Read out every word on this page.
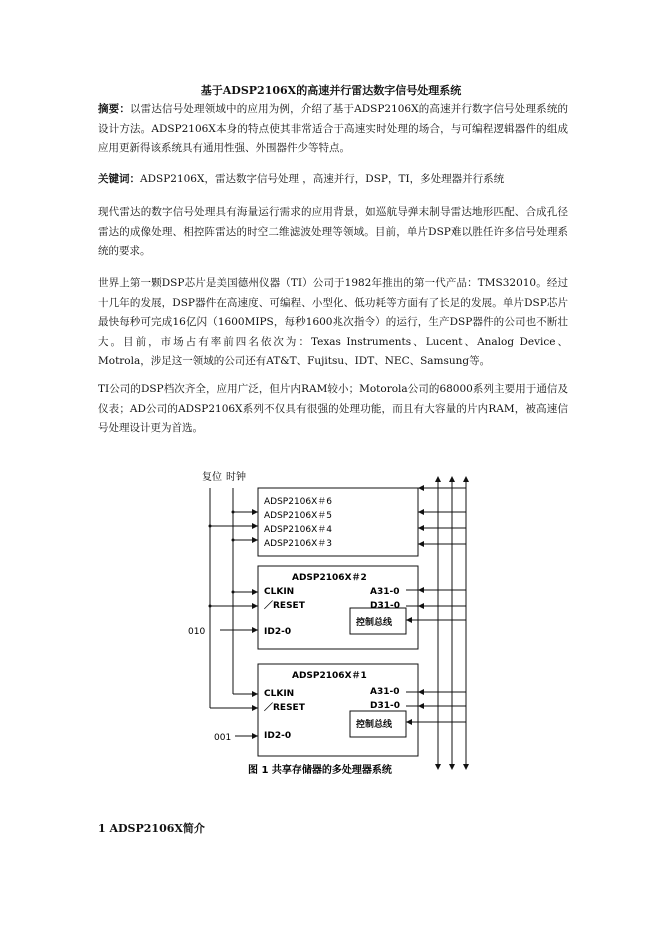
基于ADSP2106X的高速并行雷达数字信号处理系统
摘要：以雷达信号处理领域中的应用为例，介绍了基于ADSP2106X的高速并行数字信号处理系统的设计方法。ADSP2106X本身的特点使其非常适合于高速实时处理的场合，与可编程逻辑器件的组成应用更新得该系统具有通用性强、外围器件少等特点。
关键词：ADSP2106X，雷达数字信号处理 ，高速并行，DSP，TI，多处理器并行系统
现代雷达的数字信号处理具有海量运行需求的应用背景，如巡航导弹末制导雷达地形匹配、合成孔径雷达的成像处理、相控阵雷达的时空二维滤波处理等领域。目前，单片DSP难以胜任许多信号处理系统的要求。
世界上第一颗DSP芯片是美国德州仪器（TI）公司于1982年推出的第一代产品：TMS32010。经过十几年的发展，DSP器件在高速度、可编程、小型化、低功耗等方面有了长足的发展。单片DSP芯片最快每秒可完成16亿闪（1600MIPS，每秒1600兆次指令）的运行，生产DSP器件的公司也不断壮大。目前，市场占有率前四名依次为：Texas Instruments、Lucent、Analog Device、Motrola，涉足这一领域的公司还有AT&T、Fujitsu、IDT、NEC、Samsung等。
TI公司的DSP档次齐全，应用广泛，但片内RAM较小；Motorola公司的68000系列主要用于通信及仪表；AD公司的ADSP2106X系列不仅具有很强的处理功能，而且有大容量的片内RAM，被高速信号处理设计更为首选。
复位 时钟
ADSP2106X＃6
ADSP2106X＃5
ADSP2106X＃4
ADSP2106X＃3
ADSP2106X＃2
CLKIN
／RESET
ID2-0
A31-0
D31-0
控制总线
010
ADSP2106X＃1
CLKIN
／RESET
ID2-0
A31-0
D31-0
控制总线
001
图 1 共享存储器的多处理器系统
1 ADSP2106X简介
